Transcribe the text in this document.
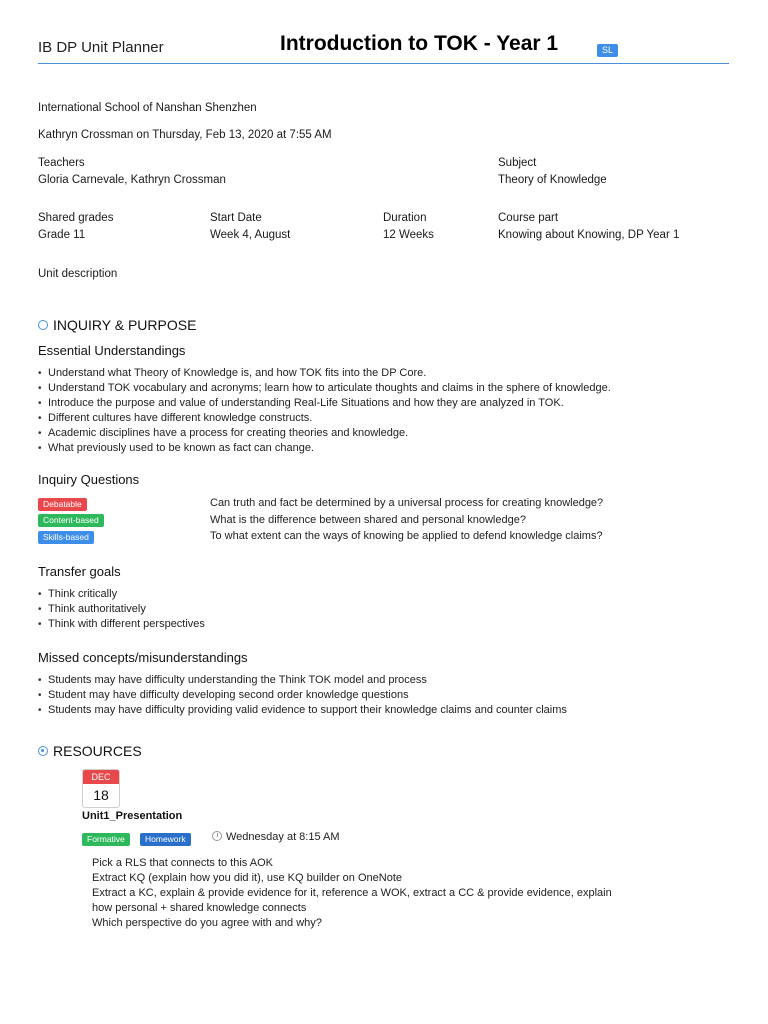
IB DP Unit Planner	Introduction to TOK - Year 1	SL
International School of Nanshan Shenzhen
Kathryn Crossman on Thursday, Feb 13, 2020 at 7:55 AM
Teachers
Gloria Carnevale, Kathryn Crossman
Subject
Theory of Knowledge
Shared grades
Grade 11
Start Date
Week 4, August
Duration
12 Weeks
Course part
Knowing about Knowing, DP Year 1
Unit description
INQUIRY & PURPOSE
Essential Understandings
• Understand what Theory of Knowledge is, and how TOK fits into the DP Core.
• Understand TOK vocabulary and acronyms; learn how to articulate thoughts and claims in the sphere of knowledge.
• Introduce the purpose and value of understanding Real-Life Situations and how they are analyzed in TOK.
• Different cultures have different knowledge constructs.
• Academic disciplines have a process for creating theories and knowledge.
• What previously used to be known as fact can change.
Inquiry Questions
Debatable	Can truth and fact be determined by a universal process for creating knowledge?
Content-based	What is the difference between shared and personal knowledge?
Skills-based	To what extent can the ways of knowing be applied to defend knowledge claims?
Transfer goals
• Think critically
• Think authoritatively
• Think with different perspectives
Missed concepts/misunderstandings
• Students may have difficulty understanding the Think TOK model and process
• Student may have difficulty developing second order knowledge questions
• Students may have difficulty providing valid evidence to support their knowledge claims and counter claims
RESOURCES
DEC
18
Unit1_Presentation
Formative	Homework	Wednesday at 8:15 AM
Pick a RLS that connects to this AOK
Extract KQ (explain how you did it), use KQ builder on OneNote
Extract a KC, explain & provide evidence for it, reference a WOK, extract a CC & provide evidence, explain
how personal + shared knowledge connects
Which perspective do you agree with and why?
